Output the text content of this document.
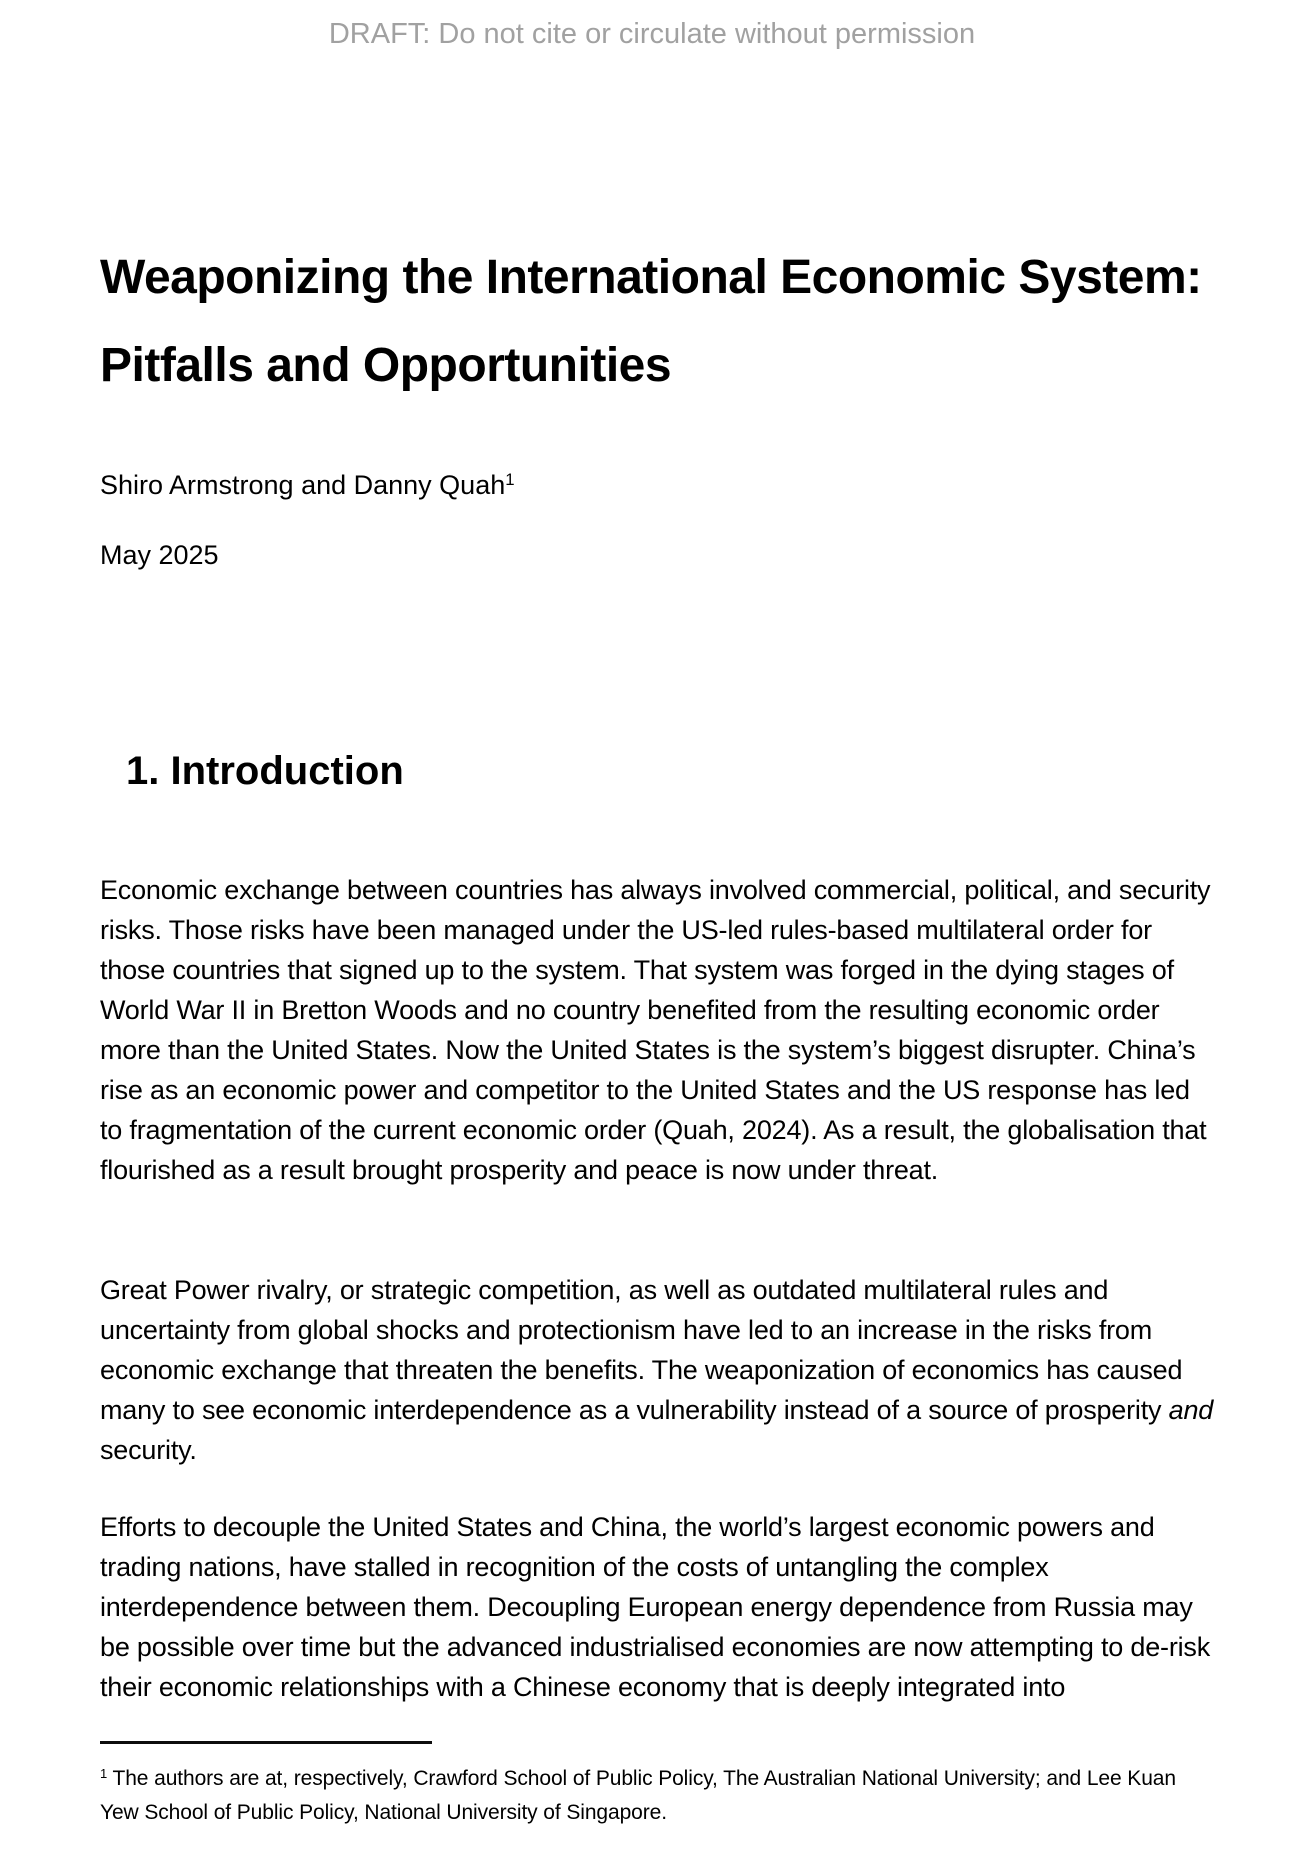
DRAFT: Do not cite or circulate without permission
Weaponizing the International Economic System:  Pitfalls and Opportunities
Shiro Armstrong and Danny Quah$^1$
May 2025
1. Introduction

Economic exchange between countries has always involved commercial, political, and security risks. Those risks have been managed under the US-led rules-based multilateral order for those countries that signed up to the system. That system was forged in the dying stages of World War II in Bretton Woods and no country benefited from the resulting economic order more than the United States. Now the United States is the system’s biggest disrupter. China’s rise as an economic power and competitor to the United States and the US response has led to fragmentation of the current economic order (Quah, 2024). As a result, the globalisation that flourished as a result brought prosperity and peace is now under threat.

Great Power rivalry, or strategic competition, as well as outdated multilateral rules and uncertainty from global shocks and protectionism have led to an increase in the risks from economic exchange that threaten the benefits. The weaponization of economics has caused many to see economic interdependence as a vulnerability instead of a source of prosperity and security.

Efforts to decouple the United States and China, the world’s largest economic powers and trading nations, have stalled in recognition of the costs of untangling the complex interdependence between them. Decoupling European energy dependence from Russia may be possible over time but the advanced industrialised economies are now attempting to de-risk their economic relationships with a Chinese economy that is deeply integrated into

$^1$ The authors are at, respectively, Crawford School of Public Policy, The Australian National University; and Lee Kuan Yew School of Public Policy, National University of Singapore.
